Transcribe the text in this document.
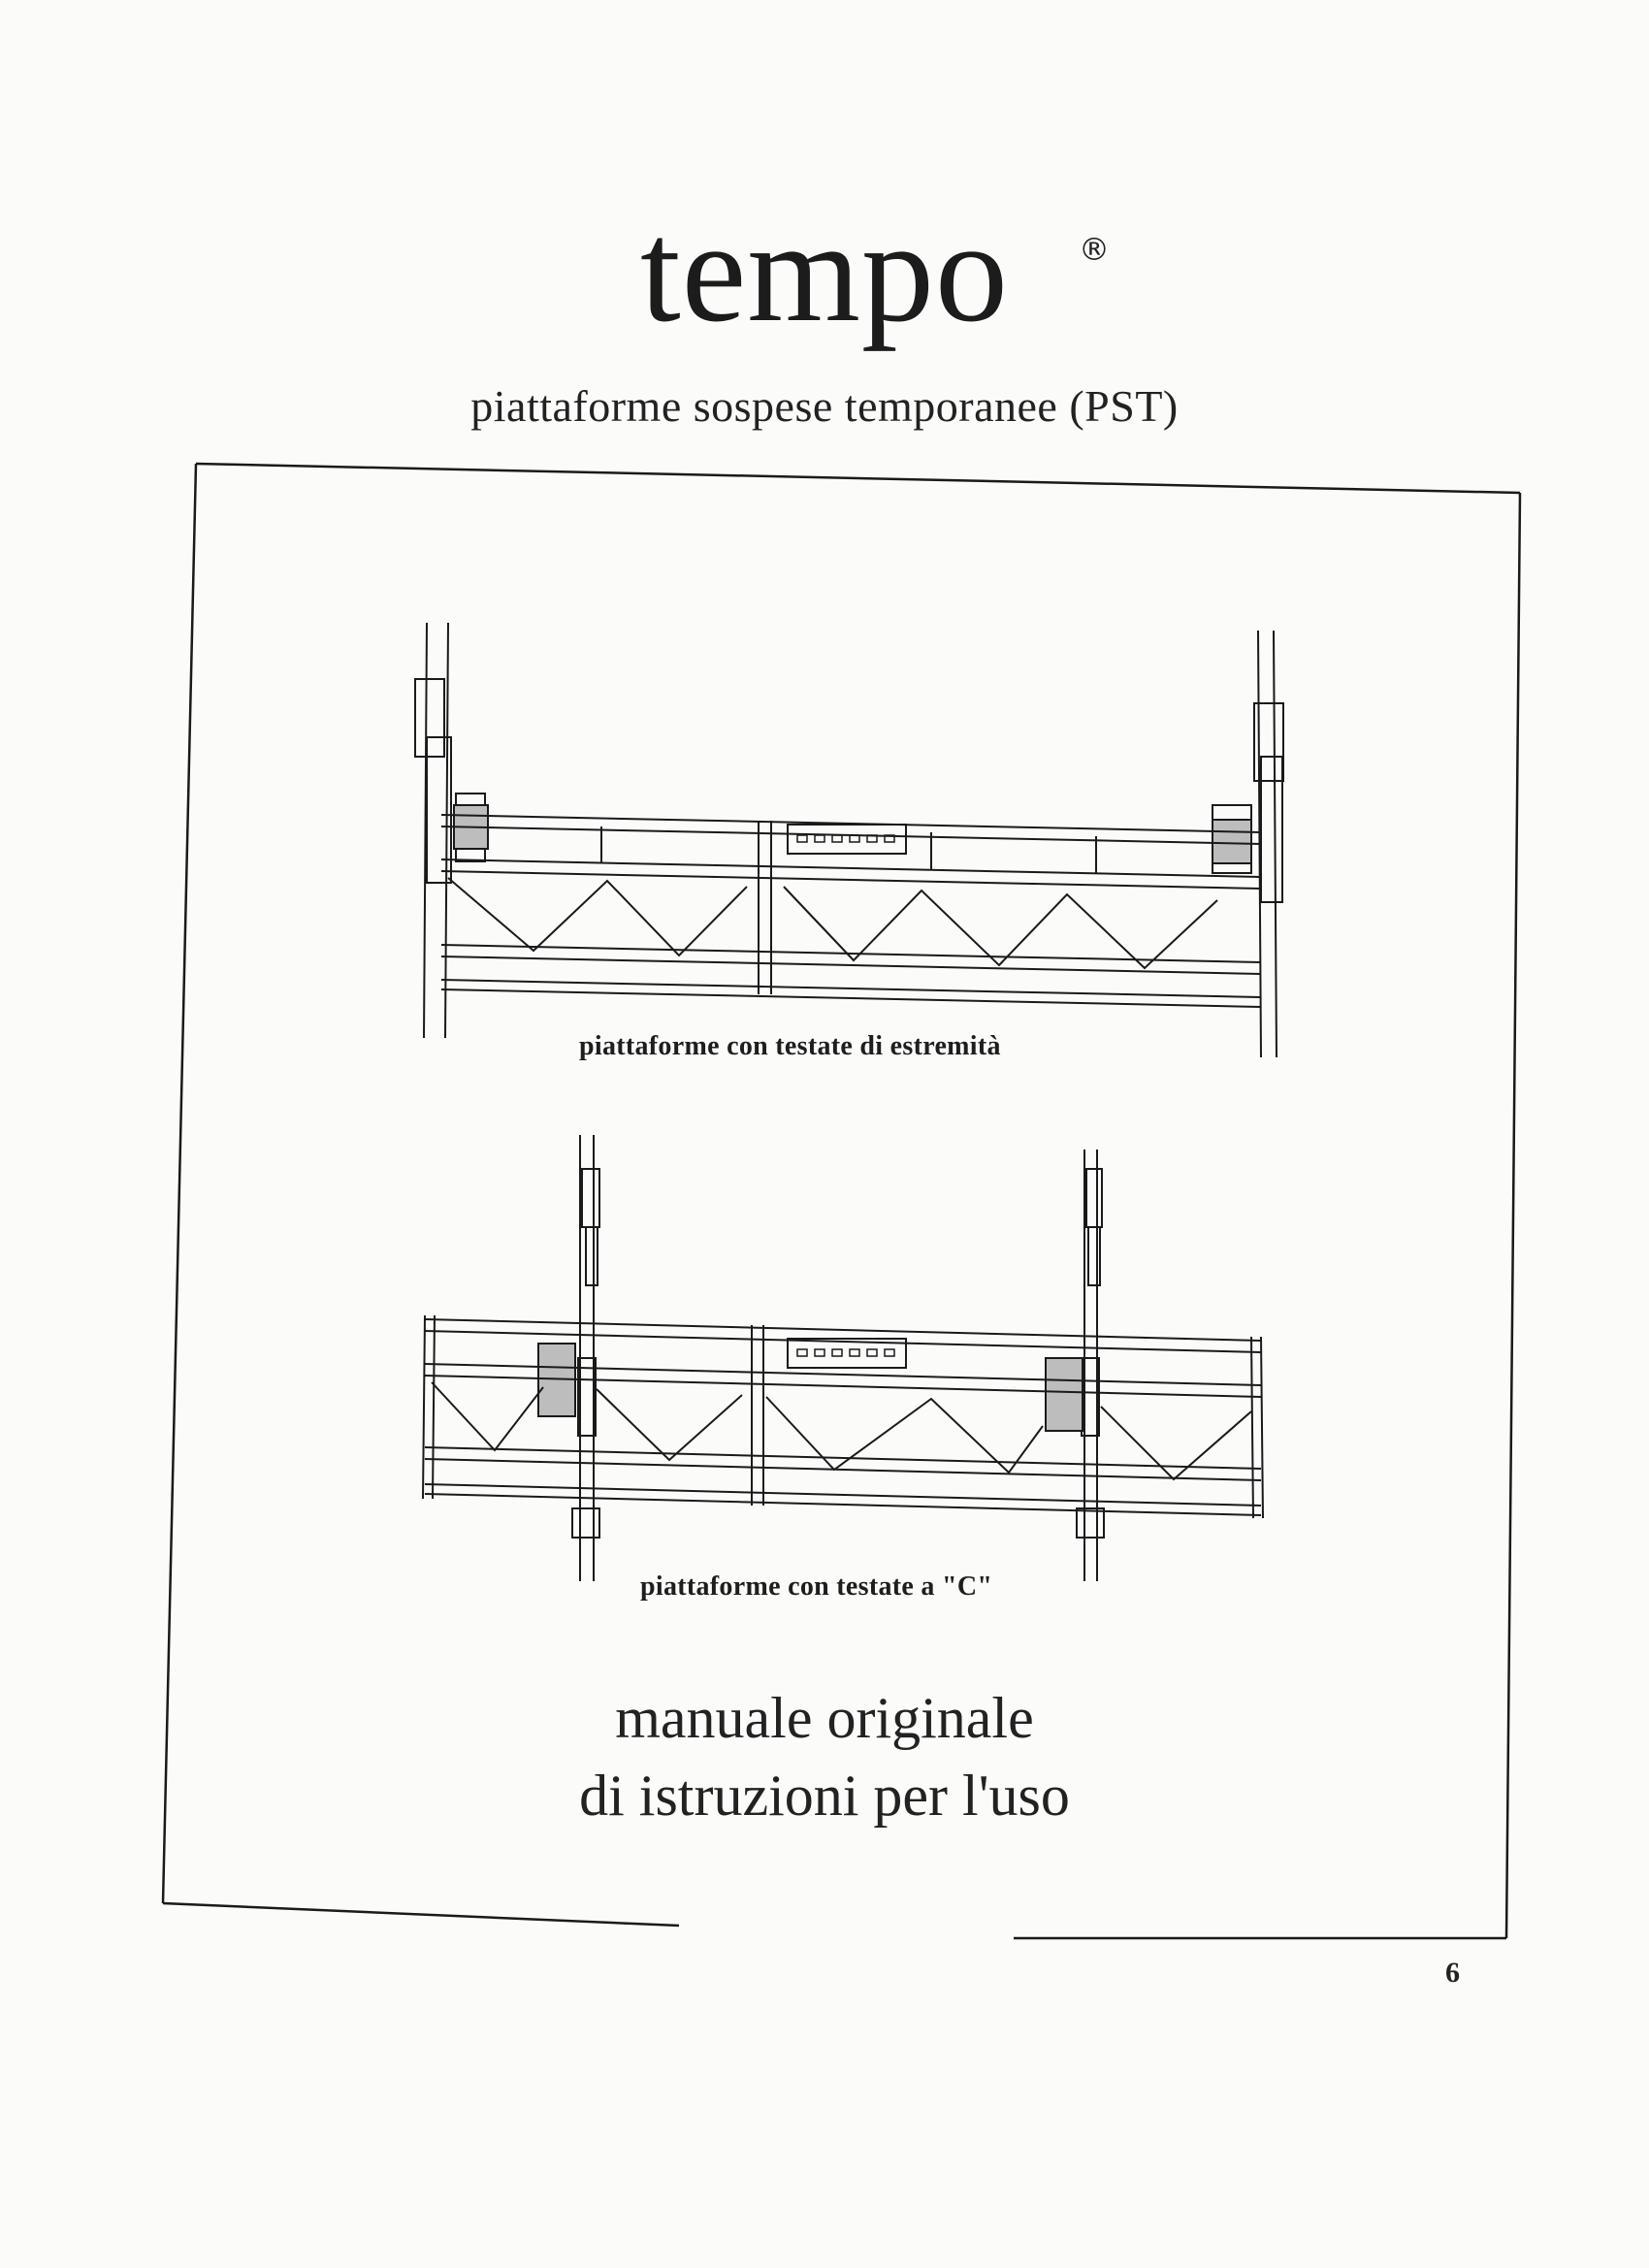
tempo	®
piattaforme sospese temporanee (PST)
piattaforme con testate di estremità
piattaforme con testate a "C"
manuale originale
di istruzioni per l'uso
6
